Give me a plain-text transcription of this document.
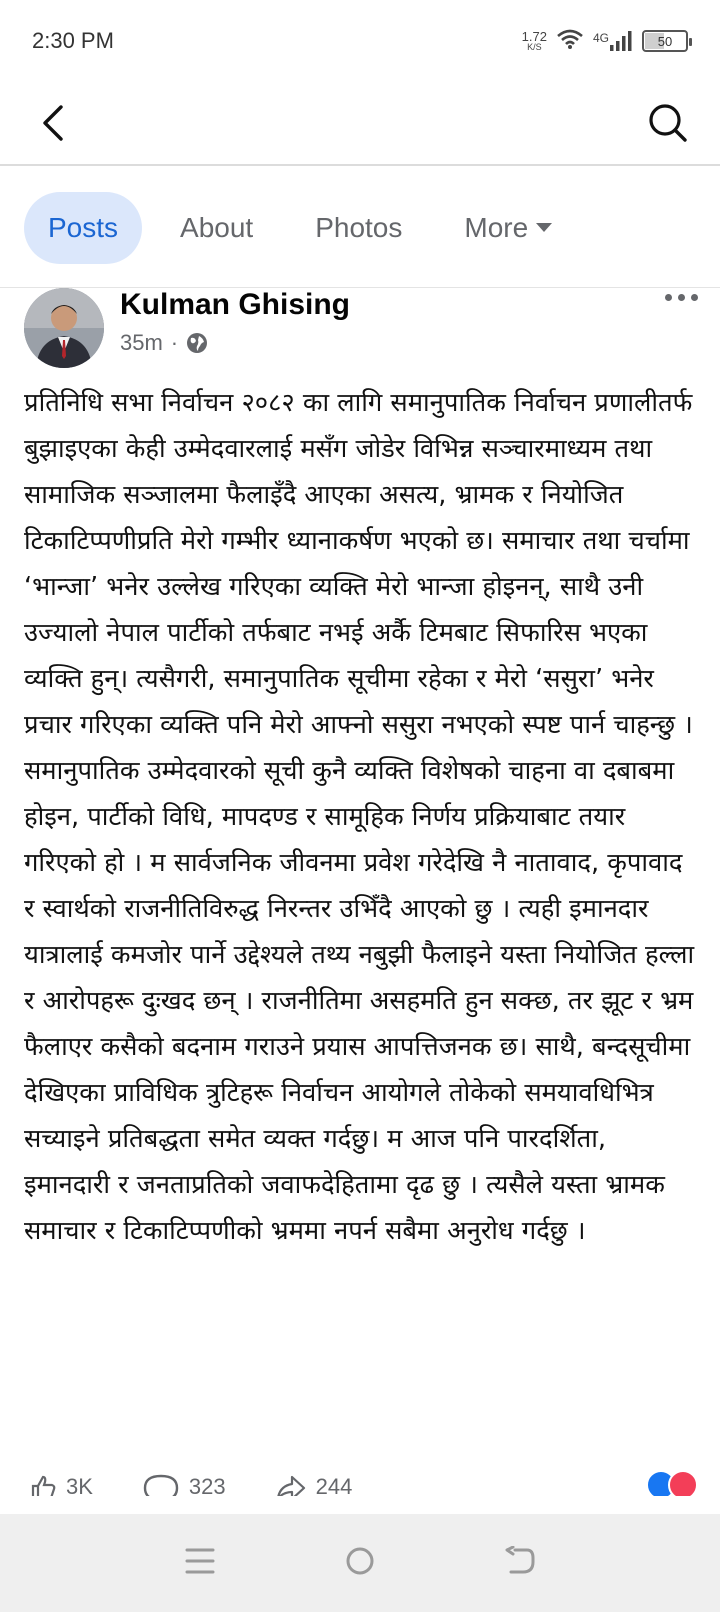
2:30 PM	1.72
K/S
4G	50
Posts About Photos More
Kulman Ghising
35m ·
प्रतिनिधि सभा निर्वाचन २०८२ का लागि समानुपातिक निर्वाचन प्रणालीतर्फ बुझाइएका केही उम्मेदवारलाई मसँग जोडेर विभिन्न सञ्चारमाध्यम तथा सामाजिक सञ्जालमा फैलाइँदै आएका असत्य, भ्रामक र नियोजित टिकाटिप्पणीप्रति मेरो गम्भीर ध्यानाकर्षण भएको छ। समाचार तथा चर्चामा ‘भान्जा’ भनेर उल्लेख गरिएका व्यक्ति मेरो भान्जा होइनन्, साथै उनी उज्यालो नेपाल पार्टीको तर्फबाट नभई अर्कै टिमबाट सिफारिस भएका व्यक्ति हुन्। त्यसैगरी, समानुपातिक सूचीमा रहेका र मेरो ‘ससुरा’ भनेर प्रचार गरिएका व्यक्ति पनि मेरो आफ्नो ससुरा नभएको स्पष्ट पार्न चाहन्छु । समानुपातिक उम्मेदवारको सूची कुनै व्यक्ति विशेषको चाहना वा दबाबमा होइन, पार्टीको विधि, मापदण्ड र सामूहिक निर्णय प्रक्रियाबाट तयार गरिएको हो । म सार्वजनिक जीवनमा प्रवेश गरेदेखि नै नातावाद, कृपावाद र स्वार्थको राजनीतिविरुद्ध निरन्तर उभिँदै आएको छु । त्यही इमानदार यात्रालाई कमजोर पार्ने उद्देश्यले तथ्य नबुझी फैलाइने यस्ता नियोजित हल्ला र आरोपहरू दुःखद छन् । राजनीतिमा असहमति हुन सक्छ, तर झूट र भ्रम फैलाएर कसैको बदनाम गराउने प्रयास आपत्तिजनक छ। साथै, बन्दसूचीमा देखिएका प्राविधिक त्रुटिहरू निर्वाचन आयोगले तोकेको समयावधिभित्र सच्याइने प्रतिबद्धता समेत व्यक्त गर्दछु। म आज पनि पारदर्शिता, इमानदारी र जनताप्रतिको जवाफदेहितामा दृढ छु । त्यसैले यस्ता भ्रामक समाचार र टिकाटिप्पणीको भ्रममा नपर्न सबैमा अनुरोध गर्दछु ।
3K	323	244
